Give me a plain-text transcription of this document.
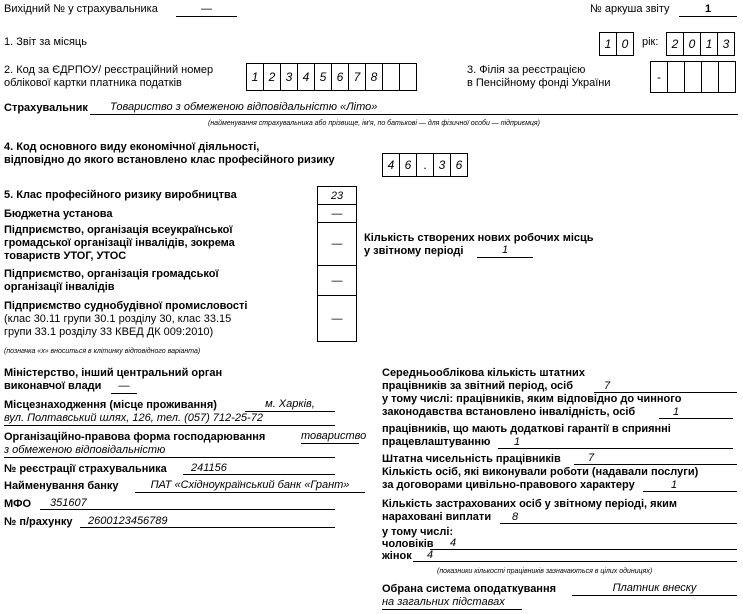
Вихідний № у страхувальника	—	№ аркуша звіту	1
1. Звіт за місяць	1 0	рік:	2 0 1 3
2. Код за ЄДРПОУ/ реєстраційний номер
облікової картки платника податків	1 2 3 4 5 6 7 8	3. Філія за реєстрацією
в Пенсійному фонді України	-
Страхувальник	Товариство з обмеженою відповідальністю «Літо»
(найменування страхувальника або прізвище, ім'я, по батькові — для фізичної особи — підприємця)
4. Код основного виду економічної діяльності,
відповідно до якого встановлено клас професійного ризику	4 6 . 3 6
5. Клас професійного ризику виробництва	23
Бюджетна установа	—
Підприємство, організація всеукраїнської
громадської організації інвалідів, зокрема
товариств УТОГ, УТОС
—
Підприємство, організація громадської
організації інвалідів
—
Підприємство суднобудівної промисловості
(клас 30.11 групи 30.1 розділу 30, клас 33.15
групи 33.1 розділу 33 КВЕД ДК 009:2010)
—
(позначка «х» вноситься в клітинку відповідного варіанта)
Кількість створених нових робочих місць
у звітному періоді	1
Міністерство, інший центральний орган
виконавчої влади	—
Місцезнаходження (місце проживання)	м. Харків,
вул. Полтавський шлях, 126, тел. (057) 712-25-72
Організаційно-правова форма господарювання	товариство
з обмеженою відповідальністю
№ реєстрації страхувальника	241156
Найменування банку	ПАТ «Східноукраїнський банк «Грант»
МФО	351607
№ п/рахунку	2600123456789
Середньооблікова кількість штатних
працівників за звітний період, осіб	7
у тому числі: працівників, яким відповідно до чинного
законодавства встановлено інвалідність, осіб	1
працівників, що мають додаткові гарантії в сприянні
працевлаштуванню	1
Штатна чисельність працівників	7
Кількість осіб, які виконували роботи (надавали послуги)
за договорами цивільно-правового характеру	1
Кількість застрахованих осіб у звітному періоді, яким
нараховані виплати	8
у тому числі:
чоловіків	4
жінок	4
(показники кількості працівників зазначаються в цілих одиницях)
Обрана система оподаткування	Платник внеску
на загальних підставах
